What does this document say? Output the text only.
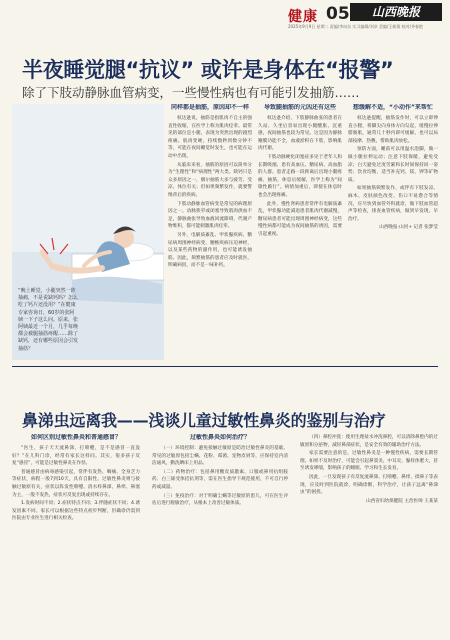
健康 05	山西晚报
2025年9月9日 星期二 责编/李向东 实习编辑/刘卓 美编/王新翔 校对/齐春艳
半夜睡觉腿“抗议” 或许是身体在“报警”
除了下肢动静脉血管病变，一些慢性病也有可能引发抽筋……
“晚上睡觉，小腿突然一阵抽痛，不是说缺钙吗？怎么吃了钙片还没用？”在健康专家咨询日，60岁的张阿姨一下子这么问。原来，张阿姨最近一个月，几乎每晚都会被腿抽筋疼醒……除了缺钙，还有哪些原因会引发抽筋？
同样都是抽筋，原因却不一样

权达逊说，抽筋是指肌肉不自主的强直性收缩，在医学上称为肌肉痉挛。最常见的部位是小腿，表现为突然出现的剧烈疼痛、肌肉变硬，持续数秒到数分钟不等，可能在夜间睡觉时发生，也可能在运动中出现。

从临床来看，抽筋的原因可以简单分为“生理性”和“病理性”两大类。缺钙只是众多原因之一，偶尔抽筋大多与疲劳、受凉、体位有关；但如果频繁发作，就要警惕背后的疾病。

下肢动静脉血管病变是常见的病理原因之一。动脉狭窄或闭塞导致肌肉供血不足，静脉曲张导致血液回流障碍，代谢产物堆积，都可能刺激肌肉痉挛。

另外，电解质紊乱、甲状腺疾病、糖尿病周围神经病变、腰椎疾病压迫神经，以及某些药物的副作用，也可能诱发抽筋。因此，频繁抽筋的患者应及时就医，明确病因，而不是一味补钙。

导致腿抽筋的元凶还有这些

权达逊介绍，下肢静脉曲张的患者在久站、久坐后容易出现小腿酸胀、沉重感，夜间抽筋也较为常见。这是因为静脉瓣膜功能不全，血液淤积在下肢，影响肌肉代谢。

下肢动脉硬化闭塞症多见于老年人和长期吸烟、患有高血压、糖尿病、高血脂的人群。患者走路一段距离后出现小腿疼痛、抽筋，休息后缓解，医学上称为“间歇性跛行”。病情加重后，即使在休息时也会出现疼痛。

此外，慢性肾病患者常伴有电解质紊乱，甲状腺功能减退患者肌肉代谢减慢，糖尿病患者可能出现周围神经病变，这些慢性病都可能成为夜间抽筋的诱因，需要引起重视。

想缓解不适，“小动作”来帮忙

权达逊提醒，抽筋发作时，可以立即伸直小腿，将脚尖向身体方向勾起，缓慢拉伸腓肠肌，通常几十秒内即可缓解。也可以局部按摩、热敷，帮助肌肉放松。

预防方面，睡前可以用温水泡脚，做一做小腿拉伸运动；注意下肢保暖，避免受凉；白天避免过度劳累和长时间保持同一姿势；饮食均衡，适当补充钙、镁、钾等矿物质。

如果抽筋频繁发作，或伴有下肢发凉、麻木、皮肤颜色改变、伤口不易愈合等情况，应尽快到血管外科就诊，做下肢血管超声等检查，排查血管疾病，做到早发现、早治疗。

山西晚报·山河+ 记者 张梦莹
鼻涕虫远离我——浅谈儿童过敏性鼻炎的鉴别与治疗
如何区别过敏性鼻炎和普通感冒？

“医生，孩子天天流鼻涕、打喷嚏，是不是感冒一直没好？”在儿科门诊，经常有家长这样问。其实，很多孩子反复“感冒”，可能是过敏性鼻炎在作怪。

普通感冒由病毒感染引起，常伴有发热、咽痛、全身乏力等症状，病程一般7到10天，具有自限性。过敏性鼻炎则与接触过敏原有关，症状以阵发性喷嚏、清水样鼻涕、鼻痒、鼻塞为主，一般不发热，症状可反复出现或持续存在。

1.发病时间不同；2.症状特点不同；3.伴随症状不同；4.诱发因素不同。家长可以根据这些特点初步判断，但确诊仍需到医院由专业医生进行相关检查。

过敏性鼻炎如何治疗？

（一）环境控制：避免接触过敏原是防治过敏性鼻炎的基础。常见的过敏原包括尘螨、花粉、霉菌、宠物皮屑等，应保持室内清洁通风，勤洗晒床上用品。

（二）药物治疗：包括鼻用糖皮质激素、口服或鼻用抗组胺药、白三烯受体拮抗剂等，需在医生指导下规范使用，不可自行停药或减量。

（三）免疫治疗：对于明确尘螨等过敏原的患儿，可在医生评估后进行脱敏治疗，从根本上改善过敏体质。

（四）鼻腔冲洗：使用生理盐水冲洗鼻腔，可以清除鼻腔内的过敏原和分泌物，减轻鼻部症状，是安全有效的辅助治疗方法。

家长需要注意的是，过敏性鼻炎是一种慢性疾病，需要长期管理。如果不及时治疗，可能会引起鼻窦炎、中耳炎、腺样体肥大，甚至诱发哮喘，影响孩子的睡眠、学习和生长发育。

因此，一旦发现孩子有反复流鼻涕、打喷嚏、鼻痒、揉鼻子等表现，应及时到医院就诊，明确诊断，科学治疗，让孩子远离“鼻涕虫”的困扰。

山西省妇幼保健院 主治医师 王某某
